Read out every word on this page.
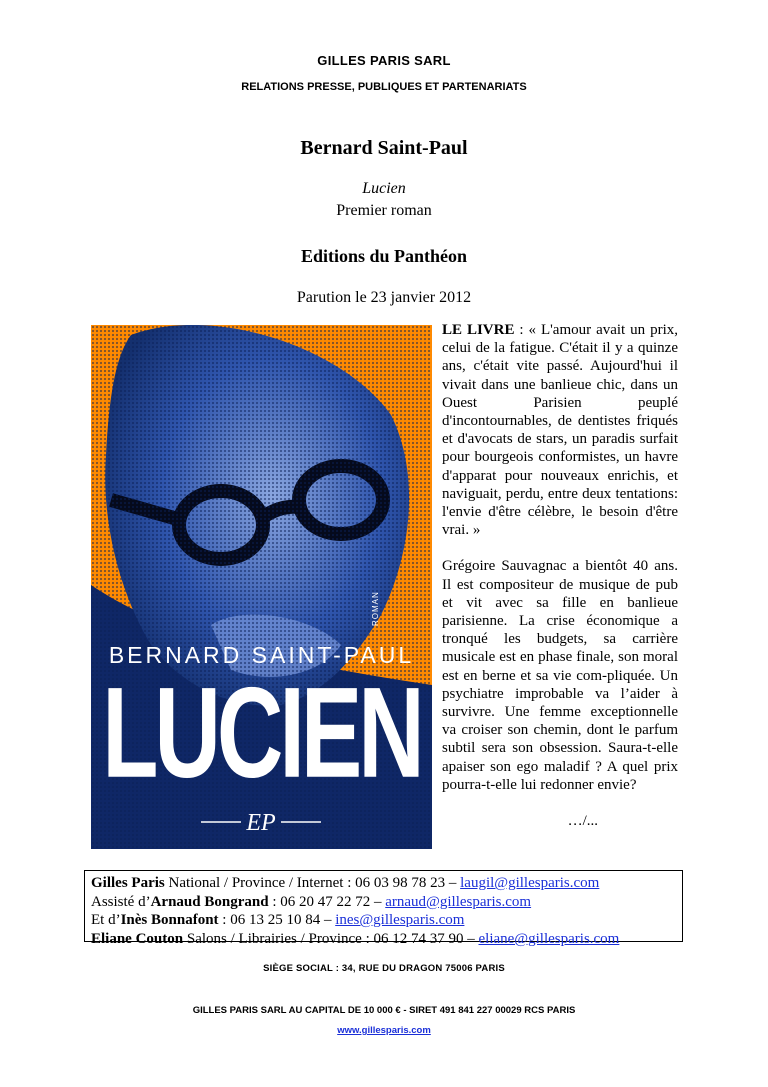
GILLES PARIS SARL
RELATIONS PRESSE, PUBLIQUES ET PARTENARIATS
Bernard Saint-Paul
Lucien
Premier roman
Editions du Panthéon
Parution le 23 janvier 2012
EP
BERNARD SAINT-PAUL
LUCIEN
ROMAN

LE LIVRE : « L'amour avait un prix, celui de la fatigue. C'était il y a quinze ans, c'était vite passé. Aujourd'hui il vivait dans une banlieue chic, dans un Ouest Parisien peuplé d'incontournables, de dentistes friqués et d'avocats de stars, un paradis surfait pour bourgeois conformistes, un havre d'apparat pour nouveaux enrichis, et naviguait, perdu, entre deux tentations: l'envie d'être célèbre, le besoin d'être vrai. »

Grégoire Sauvagnac a bientôt 40 ans. Il est compositeur de musique de pub et vit avec sa fille en banlieue parisienne. La crise économique a tronqué les budgets, sa carrière musicale est en phase finale, son moral est en berne et sa vie com-pliquée. Un psychiatre improbable va l’aider à survivre. Une femme exceptionnelle va croiser son chemin, dont le parfum subtil sera son obsession. Saura-t-elle apaiser son ego maladif ? A quel prix pourra-t-elle lui redonner envie?

…/...
Gilles Paris National / Province / Internet : 06 03 98 78 23 – laugil@gillesparis.com
Assisté d’Arnaud Bongrand : 06 20 47 22 72 – arnaud@gillesparis.com
Et d’Inès Bonnafont : 06 13 25 10 84 – ines@gillesparis.com
Eliane Couton Salons / Librairies / Province : 06 12 74 37 90 – eliane@gillesparis.com
SIÈGE SOCIAL : 34, RUE DU DRAGON 75006 PARIS
GILLES PARIS SARL AU CAPITAL DE 10 000 € - SIRET 491 841 227 00029 RCS PARIS
www.gillesparis.com
